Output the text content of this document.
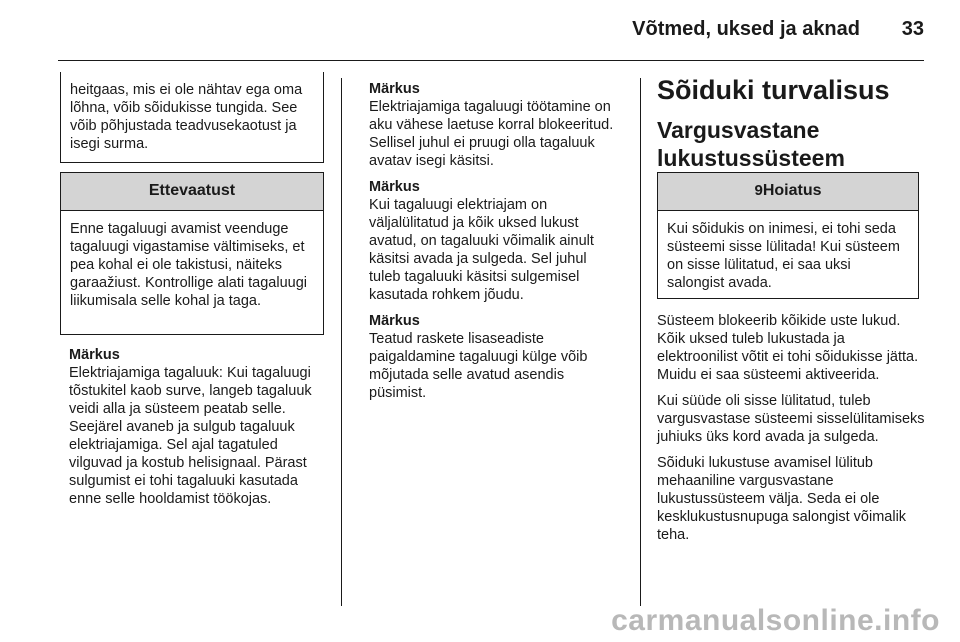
Võtmed, uksed ja aknad	33
heitgaas, mis ei ole nähtav ega oma lõhna, võib sõidukisse tungida. See võib põhjustada teadvusekaotust ja isegi surma.
Ettevaatust
Enne tagaluugi avamist veenduge tagaluugi vigastamise vältimiseks, et pea kohal ei ole takistusi, näiteks garaažiust. Kontrollige alati tagaluugi liikumisala selle kohal ja taga.
Märkus
Elektriajamiga tagaluuk: Kui tagaluugi tõstukitel kaob surve, langeb tagaluuk veidi alla ja süsteem peatab selle. Seejärel avaneb ja sulgub tagaluuk elektriajamiga. Sel ajal tagatuled vilguvad ja kostub helisignaal. Pärast sulgumist ei tohi tagaluuki kasutada enne selle hooldamist töökojas.

Märkus
Elektriajamiga tagaluugi töötamine on aku vähese laetuse korral blokeeritud. Sellisel juhul ei pruugi olla tagaluuk avatav isegi käsitsi.

Märkus
Kui tagaluugi elektriajam on väljalülitatud ja kõik uksed lukust avatud, on tagaluuki võimalik ainult käsitsi avada ja sulgeda. Sel juhul tuleb tagaluuki käsitsi sulgemisel kasutada rohkem jõudu.

Märkus
Teatud raskete lisaseadiste paigaldamine tagaluugi külge võib mõjutada selle avatud asendis püsimist.

Sõiduki turvalisus
Vargusvastane
lukustussüsteem
9Hoiatus
Kui sõidukis on inimesi, ei tohi seda süsteemi sisse lülitada! Kui süsteem on sisse lülitatud, ei saa uksi salongist avada.

Süsteem blokeerib kõikide uste lukud. Kõik uksed tuleb lukustada ja elektroonilist võtit ei tohi sõidukisse jätta. Muidu ei saa süsteemi aktiveerida.

Kui süüde oli sisse lülitatud, tuleb vargusvastase süsteemi sisselülitamiseks juhiuks üks kord avada ja sulgeda.

Sõiduki lukustuse avamisel lülitub mehaaniline vargusvastane lukustussüsteem välja. Seda ei ole kesklukustusnupuga salongist võimalik teha.

carmanualsonline.info
